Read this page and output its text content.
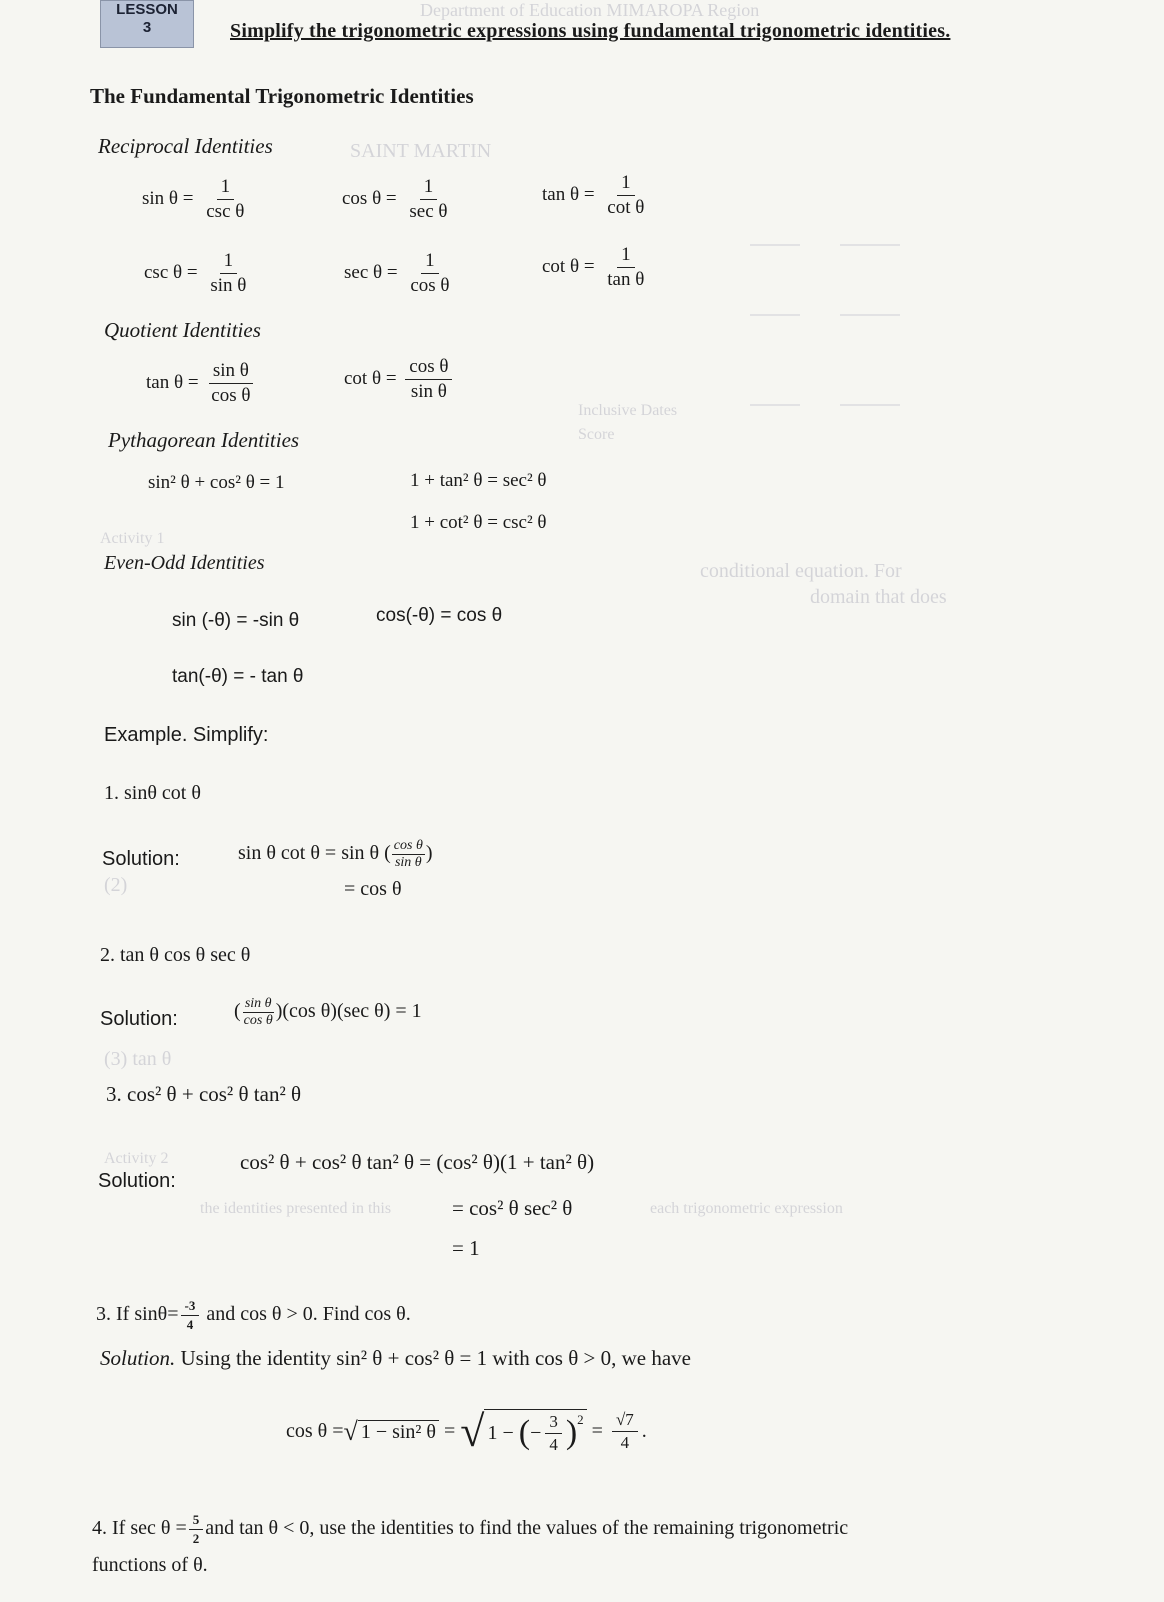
LESSON
3	Simplify the trigonometric expressions using fundamental trigonometric identities.
Department of Education MIMAROPA Region
The Fundamental Trigonometric Identities
Reciprocal Identities	SAINT MARTIN
$\sin \theta = \frac{1}{\text{csc θ}}$	$\cos \theta = \frac{1}{\text{sec θ}}$	$\tan \theta = \frac{1}{\text{cot θ}}$
$\csc \theta = \frac{1}{\text{sin θ}}$	$\sec \theta = \frac{1}{\text{cos θ}}$	$\cot \theta = \frac{1}{\text{tan θ}}$
Quotient Identities
$\tan \theta = \frac{\text{sin θ}}{\text{cos θ}}$	$\cot \theta = \frac{\text{cos θ}}{\text{sin θ}}$
Inclusive Dates
Score
Pythagorean Identities
sin² θ + cos² θ = 1	1 + tan² θ = sec² θ
1 + cot² θ = csc² θ
Activity 1
Even-Odd Identities	conditional equation. For
domain that does
sin (-θ) = -sin θ	cos(-θ) = cos θ
tan(-θ) = - tan θ
Example. Simplify:
1. sinθ cot θ
Solution:
(2)
sin θ cot θ = sin θ ( $\frac{\text{cos θ}}{\text{sin θ}}$ )
= cos θ
2. tan θ cos θ sec θ
Solution:	( $\frac{\text{sin θ}}{\text{cos θ}} )(\cos$ θ)(sec θ) = 1
(3) tan θ
3. cos² θ + cos² θ tan² θ
Activity 2
Solution:
cos² θ + cos² θ tan² θ = (cos² θ)(1 + tan² θ)
= cos² θ sec² θ
= 1
the identities presented in this	each trigonometric expression
3. If $\sin\theta= \frac{-3}{4}$ and cos θ > 0. Find cos θ.
Solution. Using the identity sin² θ + cos² θ = 1 with cos θ > 0, we have
cos θ = √ 1 − sin² θ = √ 1 − ( − $\frac{3}{4} )^2$
= $\frac{√7}{4}$ .
4. If $\sec \theta = \frac{5}{2}$ and tan θ < 0, use the identities to find the values of the remaining trigonometric
functions of θ.
